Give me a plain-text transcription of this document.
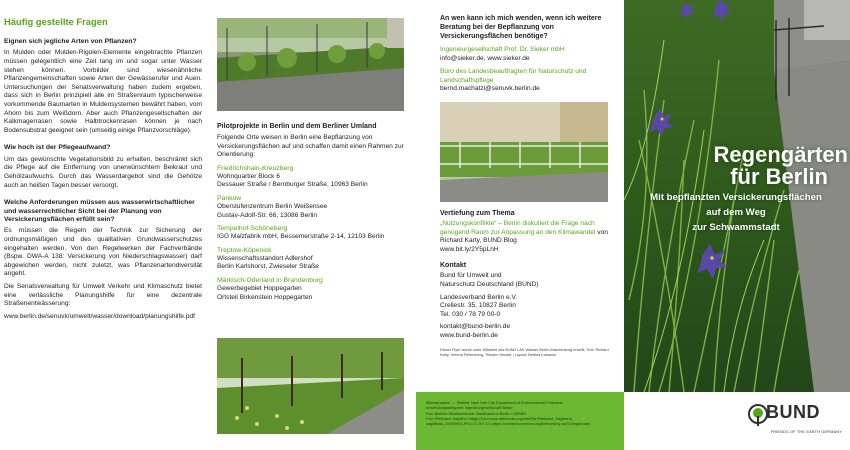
Häufig gestellte Fragen
Eignen sich jegliche Arten von Pflanzen?

In Mulden oder Mulden-Rigolen-Elemente eingebrachte Pflanzen müssen gelegentlich eine Zeit lang im und sogar unter Wasser stehen können. Vorbilder sind wiesenähnliche Pflanzengemeinschaften sowie Arten der Gewässerufer und Auen. Untersuchungen der Senatsverwaltung haben zudem ergeben, dass sich in Berlin prinzipiell alle im Straßenraum typischerweise vorkommende Baumarten in Muldensystemen bewährt haben, vom Ahorn bis zum Weißdorn. Aber auch Pflanzengesellschaften der Kalkmagerrasen sowie Halbtrockenrasen können je nach Bodensubstrat geeignet sein (umseitig einige Pflanzvorschläge).

Wie hoch ist der Pflegeaufwand?

Um das gewünschte Vegetationsbild zu erhalten, beschränkt sich die Pflege auf die Entfernung von unerwünschtem Beikraut und Gehölzaufwuchs. Durch das Wasserdargebot sind die Gehölze auch an heißen Tagen besser versorgt.

Welche Anforderungen müssen aus wasserwirtschaftlicher und wasserrechtlicher Sicht bei der Planung von Versickerungsflächen erfüllt sein?

Es müssen die Regeln der Technik zur Sicherung der ordnungsmäßigen und des qualitativen Grundwasserschutzes eingehalten werden. Von den Regelwerken der Fachverbände (Bspw. DWA-A 138: Versickerung von Niederschlagswasser) darf abgewichen werden, nicht zuletzt, was Pflanzenartendiversität angeht.

Die Senatsverwaltung für Umwelt Verkehr und Klimaschutz bietet eine verlässliche Planungshilfe für eine dezentrale Straßenentwässerung:

www.berlin.de/senuvk/umwelt/wasser/download/planungshilfe.pdf

Pilotprojekte in Berlin und dem Berliner Umland

Folgende Orte weisen in Berlin eine Bepflanzung von Versickerungsflächen auf und schaffen damit einen Rahmen zur Orientierung:

Friedrichshain-Kreuzberg
Wohnquartier Block 6
Dessauer Straße / Bernburger Straße, 10963 Berlin
Pankow
Oberstufenzentrum Berlin Weißensee
Gustav-Adolf-Str. 66, 13086 Berlin
Tempelhof-Schöneberg
IGG Malzfabrik mbH, Bessemerstraße 2-14, 12103 Berlin
Treptow-Köpenick
Wissenschaftsstandort Adlershof
Berlin Karlshorst, Zwieseler Straße
Märkisch-Oderland in Brandenburg
Gewerbegebiet Hoppegarten
Ortsteil Birkenstein Hoppegarten
An wen kann ich mich wenden, wenn ich weitere Beratung bei der Bepflanzung von Versickerungsflächen benötige?
Ingenieurgesellschaft Prof. Dr. Sieker mbH
info@sieker.de, www.sieker.de
Büro des Landesbeauftragten für Naturschutz und Landschaftspflege
bernd.machatzi@senuvk.berlin.de
Vertiefung zum Thema

„Nutzungskonflikte“ – Berlin diskutiert die Frage nach genügend Raum zur Anpassung an den Klimawandel von Richard Karty, BUND Blog

www.bit.ly/2Y5pLnH
Kontakt
Bund für Umwelt und
Naturschutz Deutschland (BUND)
Landesverband Berlin e.V.
Crellestr. 35, 10827 Berlin
Tel. 030 / 78 79 00-0
kontakt@bund-berlin.de
www.bund-berlin.de

Dieser Flyer wurde unter Mitarbeit des BUND LAK Wasser Berlin-Brandenburg erstellt. Text: Richard Karty, Verena Fehlenberg, Tilmann Heuser | Layout: Bettina Kubanek

Bildnachweise → Titelbild: New York City Department of Environmental Protection

Anwendungsbeispiele: Ingenieurgesellschaft Sieker

Foto Berliner Straßenbäume: Stadtbaumrat Berlin / GEBBS

Foto Pfeilkraut: Hajotthu Ortiga (Commons.wikimedia.org/wiki/File:Pfeilkraut_Sagittaria_

sagittifolia_20090903.JPG) CC BY 3.0 (https://creativecommons.org/licenses/by-sa/3.0/legalcode)

Regengärten
für Berlin
Mit bepflanzten Versickerungsflächen
auf dem Weg
zur Schwammstadt
BUND
FRIENDS OF THE EARTH GERMANY
